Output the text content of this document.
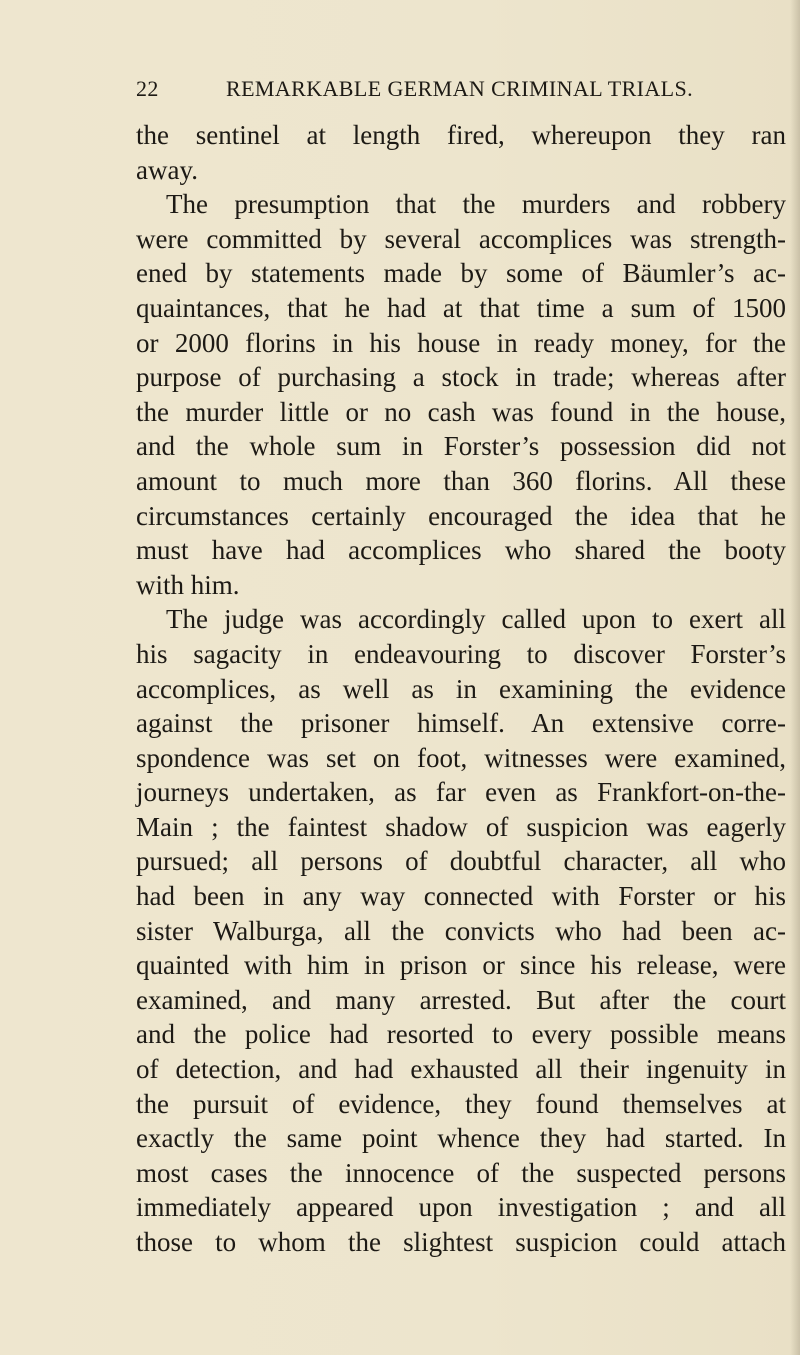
22	REMARKABLE GERMAN CRIMINAL TRIALS.
the sentinel at length fired, whereupon they ran
away.
The presumption that the murders and robbery
were committed by several accomplices was strength-
ened by statements made by some of Bäumler’s ac-
quaintances, that he had at that time a sum of 1500
or 2000 florins in his house in ready money, for the
purpose of purchasing a stock in trade; whereas after
the murder little or no cash was found in the house,
and the whole sum in Forster’s possession did not
amount to much more than 360 florins. All these
circumstances certainly encouraged the idea that he
must have had accomplices who shared the booty
with him.
The judge was accordingly called upon to exert all
his sagacity in endeavouring to discover Forster’s
accomplices, as well as in examining the evidence
against the prisoner himself. An extensive corre-
spondence was set on foot, witnesses were examined,
journeys undertaken, as far even as Frankfort-on-the-
Main ; the faintest shadow of suspicion was eagerly
pursued; all persons of doubtful character, all who
had been in any way connected with Forster or his
sister Walburga, all the convicts who had been ac-
quainted with him in prison or since his release, were
examined, and many arrested. But after the court
and the police had resorted to every possible means
of detection, and had exhausted all their ingenuity in
the pursuit of evidence, they found themselves at
exactly the same point whence they had started. In
most cases the innocence of the suspected persons
immediately appeared upon investigation ; and all
those to whom the slightest suspicion could attach
